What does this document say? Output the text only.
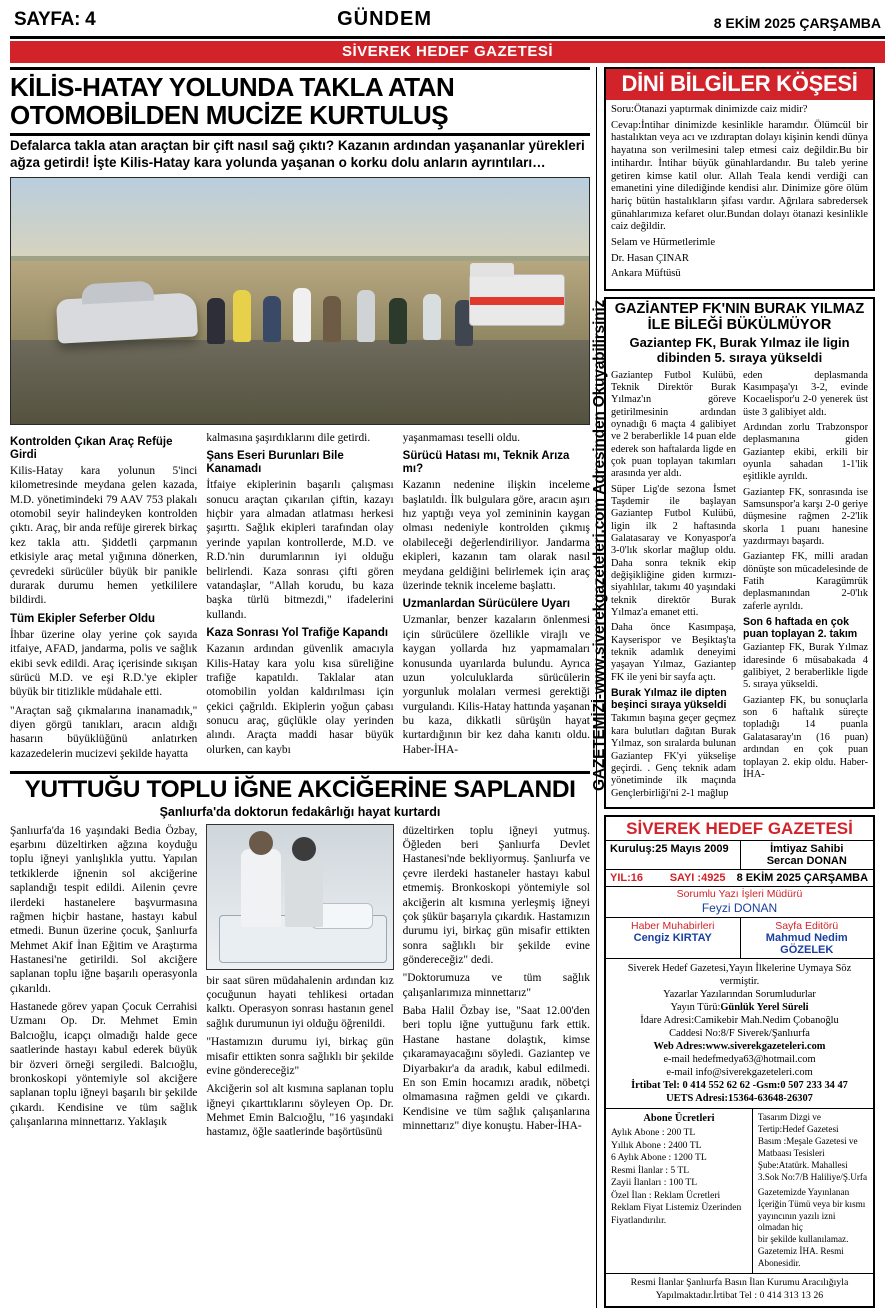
SAYFA: 4	GÜNDEM	8 EKİM 2025 ÇARŞAMBA
SİVEREK HEDEF GAZETESİ
GAZETEMİZİ-www.siverekgazeteleri.com Adresinden Okuyabilirsiniz
KİLİS-HATAY YOLUNDA TAKLA ATAN OTOMOBİLDEN MUCİZE KURTULUŞ
Defalarca takla atan araçtan bir çift nasıl sağ çıktı? Kazanın ardından yaşananlar yürekleri ağza getirdi! İşte Kilis-Hatay kara yolunda yaşanan o korku dolu anların ayrıntıları…
Kontrolden Çıkan Araç Refüje Girdi

Kilis-Hatay kara yolunun 5'inci kilometresinde meydana gelen kazada, M.D. yönetimindeki 79 AAV 753 plakalı otomobil seyir halindeyken kontrolden çıktı. Araç, bir anda refüje girerek birkaç kez takla attı. Şiddetli çarpmanın etkisiyle araç metal yığınına dönerken, çevredeki sürücüler büyük bir panikle durarak durumu hemen yetkililere bildirdi.

Tüm Ekipler Seferber Oldu

İhbar üzerine olay yerine çok sayıda itfaiye, AFAD, jandarma, polis ve sağlık ekibi sevk edildi. Araç içerisinde sıkışan sürücü M.D. ve eşi R.D.'ye ekipler büyük bir titizlikle müdahale etti.

"Araçtan sağ çıkmalarına inanamadık," diyen görgü tanıkları, aracın aldığı hasarın büyüklüğünü anlatırken kazazedelerin mucizevi şekilde hayatta

kalmasına şaşırdıklarını dile getirdi.

Şans Eseri Burunları Bile Kanamadı

İtfaiye ekiplerinin başarılı çalışması sonucu araçtan çıkarılan çiftin, kazayı hiçbir yara almadan atlatması herkesi şaşırttı. Sağlık ekipleri tarafından olay yerinde yapılan kontrollerde, M.D. ve R.D.'nin durumlarının iyi olduğu belirlendi. Kaza sonrası çifti gören vatandaşlar, "Allah korudu, bu kaza başka türlü bitmezdi," ifadelerini kullandı.

Kaza Sonrası Yol Trafiğe Kapandı

Kazanın ardından güvenlik amacıyla Kilis-Hatay kara yolu kısa süreliğine trafiğe kapatıldı. Taklalar atan otomobilin yoldan kaldırılması için çekici çağrıldı. Ekiplerin yoğun çabası sonucu araç, güçlükle olay yerinden alındı. Araçta maddi hasar büyük olurken, can kaybı

yaşanmaması teselli oldu.

Sürücü Hatası mı, Teknik Arıza mı?

Kazanın nedenine ilişkin inceleme başlatıldı. İlk bulgulara göre, aracın aşırı hız yaptığı veya yol zemininin kaygan olması nedeniyle kontrolden çıkmış olabileceği değerlendiriliyor. Jandarma ekipleri, kazanın tam olarak nasıl meydana geldiğini belirlemek için araç üzerinde teknik inceleme başlattı.

Uzmanlardan Sürücülere Uyarı

Uzmanlar, benzer kazaların önlenmesi için sürücülere özellikle virajlı ve kaygan yollarda hız yapmamaları konusunda uyarılarda bulundu. Ayrıca uzun yolculuklarda sürücülerin yorgunluk molaları vermesi gerektiği vurgulandı. Kilis-Hatay hattında yaşanan bu kaza, dikkatli sürüşün hayat kurtardığının bir kez daha kanıtı oldu. Haber-İHA-

YUTTUĞU TOPLU İĞNE AKCİĞERİNE SAPLANDI
Şanlıurfa'da doktorun fedakârlığı hayat kurtardı

Şanlıurfa'da 16 yaşındaki Bedia Özbay, eşarbını düzeltirken ağzına koyduğu toplu iğneyi yanlışlıkla yuttu. Yapılan tetkiklerde iğnenin sol akciğerine saplandığı tespit edildi. Ailenin çevre ilerdeki hastanelere başvurmasına rağmen hiçbir hastane, hastayı kabul etmedi. Bunun üzerine çocuk, Şanlıurfa Mehmet Akif İnan Eğitim ve Araştırma Hastanesi'ne getirildi. Sol akciğere saplanan toplu iğne başarılı operasyonla çıkarıldı.

Hastanede görev yapan Çocuk Cerrahisi Uzmanı Op. Dr. Mehmet Emin Balcıoğlu, icapçı olmadığı halde gece saatlerinde hastayı kabul ederek büyük bir özveri örneği sergiledi. Balcıoğlu, bronkoskopi yöntemiyle sol akciğere saplanan toplu iğneyi başarılı bir şekilde çıkardı. Kendisine ve tüm sağlık çalışanlarına minnettarız. Yaklaşık

bir saat süren müdahalenin ardından kız çocuğunun hayati tehlikesi ortadan kalktı. Operasyon sonrası hastanın genel sağlık durumunun iyi olduğu öğrenildi.

"Hastamızın durumu iyi, birkaç gün misafir ettikten sonra sağlıklı bir şekilde evine göndereceğiz"

Akciğerin sol alt kısmına saplanan toplu iğneyi çıkarttıklarını söyleyen Op. Dr. Mehmet Emin Balcıoğlu, "16 yaşındaki hastamız, öğle saatlerinde başörtüsünü

düzeltirken toplu iğneyi yutmuş. Öğleden beri Şanlıurfa Devlet Hastanesi'nde bekliyormuş. Şanlıurfa ve çevre ilerdeki hastaneler hastayı kabul etmemiş. Bronkoskopi yöntemiyle sol akciğerin alt kısmına yerleşmiş iğneyi çok şükür başarıyla çıkardık. Hastamızın durumu iyi, birkaç gün misafir ettikten sonra sağlıklı bir şekilde evine göndereceğiz" dedi.

"Doktorumuza ve tüm sağlık çalışanlarımıza minnettarız"

Baba Halil Özbay ise, "Saat 12.00'den beri toplu iğne yuttuğunu fark ettik. Hastane hastane dolaştık, kimse çıkaramayacağını söyledi. Gaziantep ve Diyarbakır'a da aradık, kabul edilmedi. En son Emin hocamızı aradık, nöbetçi olmamasına rağmen geldi ve çıkardı. Kendisine ve tüm sağlık çalışanlarına minnettarız" diye konuştu. Haber-İHA-

DİNİ BİLGİLER KÖŞESİ

Soru:Ötanazi yaptırmak dinimizde caiz midir?

Cevap:İntihar dinimizde kesinlikle haramdır. Ölümcül bir hastalıktan veya acı ve ızdıraptan dolayı kişinin kendi dünya hayatına son verilmesini talep etmesi caiz değildir.Bu bir intihardır. İntihar büyük günahlardandır. Bu taleb yerine getiren kimse katil olur. Allah Teala kendi verdiği can emanetini yine dilediğinde kendisi alır. Dinimize göre ölüm hariç bütün hastalıkların şifası vardır. Ağrılara sabredersek günahlarımıza kefaret olur.Bundan dolayı ötanazi kesinlikle caiz değildir.

Selam ve Hürmetlerimle

Dr. Hasan ÇINAR

Ankara Müftüsü

GAZİANTEP FK'NIN BURAK YILMAZ İLE BİLEĞİ BÜKÜLMÜYOR
Gaziantep FK, Burak Yılmaz ile ligin dibinden 5. sıraya yükseldi

Gaziantep Futbol Kulübü, Teknik Direktör Burak Yılmaz'ın göreve getirilmesinin ardından oynadığı 6 maçta 4 galibiyet ve 2 beraberlikle 14 puan elde ederek son haftalarda ligde en çok puan toplayan takımları arasında yer aldı.

Süper Lig'de sezona İsmet Taşdemir ile başlayan Gaziantep Futbol Kulübü, ligin ilk 2 haftasında Galatasaray ve Konyaspor'a 3-0'lık skorlar mağlup oldu. Daha sonra teknik ekip değişikliğine giden kırmızı-siyahlılar, takımı 40 yaşındaki teknik direktör Burak Yılmaz'a emanet etti.

Daha önce Kasımpaşa, Kayserispor ve Beşiktaş'ta teknik adamlık deneyimi yaşayan Yılmaz, Gaziantep FK ile yeni bir sayfa açtı.

Burak Yılmaz ile dipten beşinci sıraya yükseldi

Takımın başına geçer geçmez kara bulutları dağıtan Burak Yılmaz, son sıralarda bulunan Gaziantep FK'yi yükselişe geçirdi. . Genç teknik adam yönetiminde ilk maçında Gençlerbirliği'ni 2-1 mağlup

eden deplasmanda Kasımpaşa'yı 3-2, evinde Kocaelispor'u 2-0 yenerek üst üste 3 galibiyet aldı.

Ardından zorlu Trabzonspor deplasmanına giden Gaziantep ekibi, erkili bir oyunla sahadan 1-1'lik eşitlikle ayrıldı.

Gaziantep FK, sonrasında ise Samsunspor'a karşı 2-0 geriye düşmesine rağmen 2-2'lik skorla 1 puanı hanesine yazdırmayı başardı.

Gaziantep FK, milli aradan dönüşte son mücadelesinde de Fatih Karagümrük deplasmanından 2-0'lık zaferle ayrıldı.

Son 6 haftada en çok puan toplayan 2. takım

Gaziantep FK, Burak Yılmaz idaresinde 6 müsabakada 4 galibiyet, 2 beraberlikle ligde 5. sıraya yükseldi.

Gaziantep FK, bu sonuçlarla son 6 haftalık süreçte topladığı 14 puanla Galatasaray'ın (16 puan) ardından en çok puan toplayan 2. ekip oldu. Haber-İHA-

SİVEREK HEDEF GAZETESİ
Kuruluş:25 Mayıs 2009	İmtiyaz Sahibi
Sercan DONAN
YIL:16	SAYI :4925 8 EKİM 2025 ÇARŞAMBA
Sorumlu Yazı İşleri Müdürü
Feyzi DONAN
Haber Muhabirleri
Cengiz KIRTAY
Sayfa Editörü
Mahmud Nedim GÖZELEK
Siverek Hedef Gazetesi,Yayın İlkelerine Uymaya Söz vermiştir.
Yazarlar Yazılarından Sorumludurlar
Yayın Türü:Günlük Yerel Süreli
İdare Adresi:Camikebir Mah.Nedim Çobanoğlu
Caddesi No:8/F Siverek/Şanlıurfa
Web Adres:www.siverekgazeteleri.com
e-mail hedefmedya63@hotmail.com
e-mail info@siverekgazeteleri.com
İrtibat Tel: 0 414 552 62 62 -Gsm:0 507 233 34 47
UETS Adresi:15364-63648-26307
Abone Ücretleri
Aylık Abone : 200 TL
Yıllık Abone : 2400 TL
6 Aylık Abone : 1200 TL
Resmi İlanlar : 5 TL
Zayii İlanları : 100 TL
Özel İlan : Reklam Ücretleri
Reklam Fiyat Listemiz Üzerinden Fiyatlandırılır.
Tasarım Dizgi ve Tertip:Hedef Gazetesi
Basım :Meşale Gazetesi ve Matbaası Tesisleri
Şube:Atatürk. Mahallesi 3.Sok No:7/B Haliliye/Ş.Urfa
Gazetemizde Yayınlanan
İçeriğin Tümü veya bir kısmı
yayıncının yazılı izni olmadan hiç
bir şekilde kullanılamaz.
Gazetemiz İHA. Resmi Abonesidir.
Resmi İlanlar Şanlıurfa Basın İlan Kurumu Aracılığıyla
Yapılmaktadır.İrtibat Tel : 0 414 313 13 26
